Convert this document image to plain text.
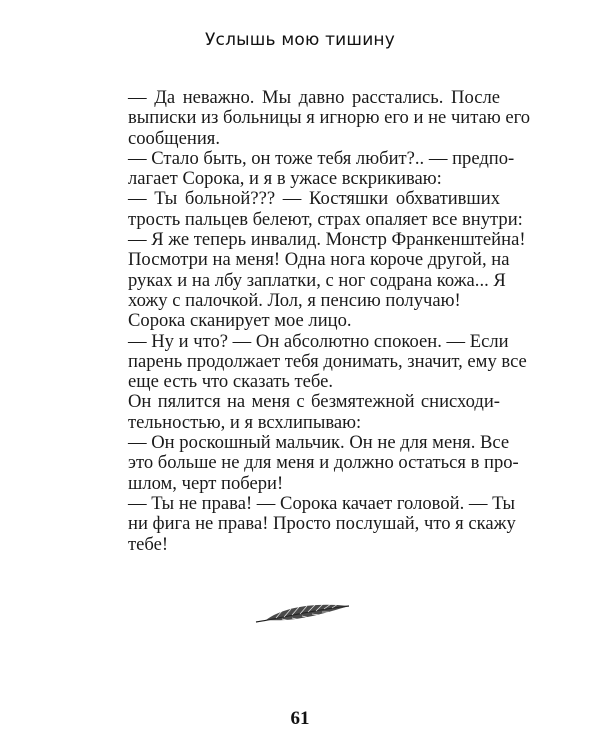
Услышь мою тишину
— Да неважно. Мы давно расстались. После
выписки из больницы я игнорю его и не читаю его
сообщения.
— Стало быть, он тоже тебя любит?.. — предпо-
лагает Сорока, и я в ужасе вскрикиваю:
— Ты больной??? — Костяшки обхвативших
трость пальцев белеют, страх опаляет все внутри:
— Я же теперь инвалид. Монстр Франкенштейна!
Посмотри на меня! Одна нога короче другой, на
руках и на лбу заплатки, с ног содрана кожа... Я
хожу с палочкой. Лол, я пенсию получаю!
Сорока сканирует мое лицо.
— Ну и что? — Он абсолютно спокоен. — Если
парень продолжает тебя донимать, значит, ему все
еще есть что сказать тебе.
Он пялится на меня с безмятежной снисходи-
тельностью, и я всхлипываю:
— Он роскошный мальчик. Он не для меня. Все
это больше не для меня и должно остаться в про-
шлом, черт побери!
— Ты не права! — Сорока качает головой. — Ты
ни фига не права! Просто послушай, что я скажу
тебе!
61
